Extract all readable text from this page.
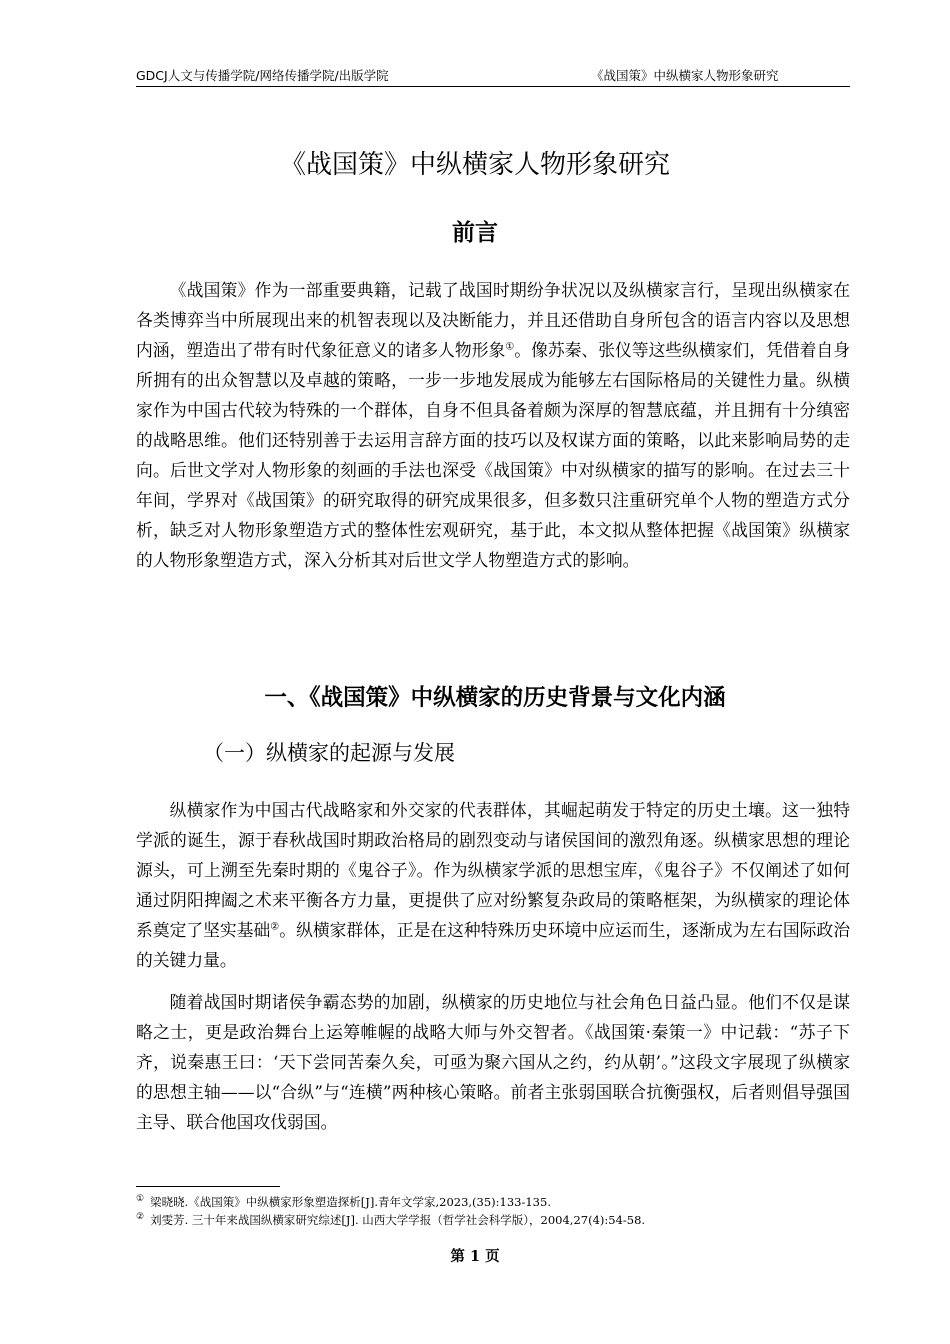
GDCJ人文与传播学院/网络传播学院/出版学院	《战国策》中纵横家人物形象研究
《战国策》中纵横家人物形象研究
前言

《战国策》作为一部重要典籍，记载了战国时期纷争状况以及纵横家言行，呈现出纵横家在各类博弈当中所展现出来的机智表现以及决断能力，并且还借助自身所包含的语言内容以及思想内涵，塑造出了带有时代象征意义的诸多人物形象①。像苏秦、张仪等这些纵横家们，凭借着自身所拥有的出众智慧以及卓越的策略，一步一步地发展成为能够左右国际格局的关键性力量。纵横家作为中国古代较为特殊的一个群体，自身不但具备着颇为深厚的智慧底蕴，并且拥有十分缜密的战略思维。他们还特别善于去运用言辞方面的技巧以及权谋方面的策略，以此来影响局势的走向。后世文学对人物形象的刻画的手法也深受《战国策》中对纵横家的描写的影响。在过去三十年间，学界对《战国策》的研究取得的研究成果很多，但多数只注重研究单个人物的塑造方式分析，缺乏对人物形象塑造方式的整体性宏观研究，基于此，本文拟从整体把握《战国策》纵横家的人物形象塑造方式，深入分析其对后世文学人物塑造方式的影响。

一、《战国策》中纵横家的历史背景与文化内涵
（一）纵横家的起源与发展

纵横家作为中国古代战略家和外交家的代表群体，其崛起萌发于特定的历史土壤。这一独特学派的诞生，源于春秋战国时期政治格局的剧烈变动与诸侯国间的激烈角逐。纵横家思想的理论源头，可上溯至先秦时期的《鬼谷子》。作为纵横家学派的思想宝库，《鬼谷子》不仅阐述了如何通过阴阳捭阖之术来平衡各方力量，更提供了应对纷繁复杂政局的策略框架，为纵横家的理论体系奠定了坚实基础②。纵横家群体，正是在这种特殊历史环境中应运而生，逐渐成为左右国际政治的关键力量。

随着战国时期诸侯争霸态势的加剧，纵横家的历史地位与社会角色日益凸显。他们不仅是谋略之士，更是政治舞台上运筹帷幄的战略大师与外交智者。《战国策·秦策一》中记载：“苏子下齐，说秦惠王曰：‘天下尝同苦秦久矣，可亟为聚六国从之约，约从朝’。”这段文字展现了纵横家的思想主轴——以“合纵”与“连横”两种核心策略。前者主张弱国联合抗衡强权，后者则倡导强国主导、联合他国攻伐弱国。

① 梁晓晓.《战国策》中纵横家形象塑造探析[J].青年文学家,2023,(35):133-135.
② 刘雯芳. 三十年来战国纵横家研究综述[J]. 山西大学学报（哲学社会科学版），2004,27(4):54-58.
第 1 页
